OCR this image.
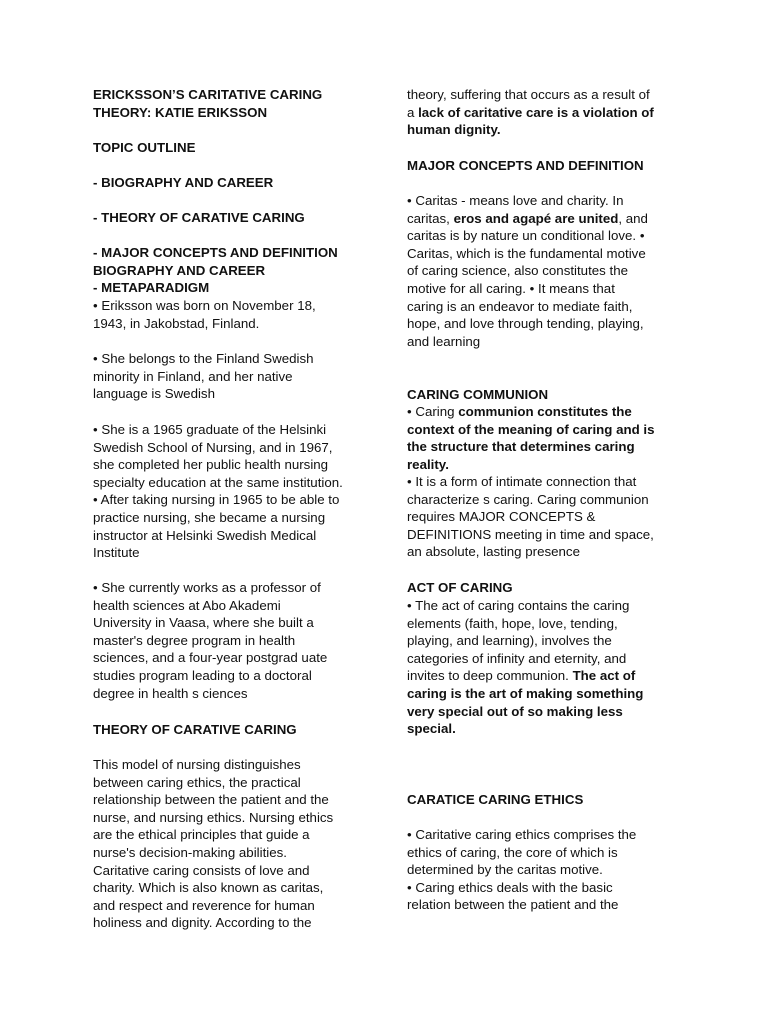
ERICKSSON’S CARITATIVE CARING
THEORY: KATIE ERIKSSON

TOPIC OUTLINE

- BIOGRAPHY AND CAREER

- THEORY OF CARATIVE CARING

- MAJOR CONCEPTS AND DEFINITION

- METAPARADIGM

BIOGRAPHY AND CAREER

• Eriksson was born on November 18,
1943, in Jakobstad, Finland.

• She belongs to the Finland Swedish
minority in Finland, and her native
language is Swedish

• She is a 1965 graduate of the Helsinki
Swedish School of Nursing, and in 1967,
she completed her public health nursing
specialty education at the same institution.
• After taking nursing in 1965 to be able to
practice nursing, she became a nursing
instructor at Helsinki Swedish Medical
Institute

• She currently works as a professor of
health sciences at Abo Akademi
University in Vaasa, where she built a
master's degree program in health
sciences, and a four-year postgrad uate
studies program leading to a doctoral
degree in health s ciences

THEORY OF CARATIVE CARING

This model of nursing distinguishes
between caring ethics, the practical
relationship between the patient and the
nurse, and nursing ethics. Nursing ethics
are the ethical principles that guide a
nurse's decision-making abilities.
Caritative caring consists of love and
charity. Which is also known as caritas,
and respect and reverence for human
holiness and dignity. According to the

theory, suffering that occurs as a result of
a lack of caritative care is a violation of
human dignity.

MAJOR CONCEPTS AND DEFINITION

• Caritas - means love and charity. In
caritas, eros and agapé are united, and
caritas is by nature un conditional love. •
Caritas, which is the fundamental motive
of caring science, also constitutes the
motive for all caring. • It means that
caring is an endeavor to mediate faith,
hope, and love through tending, playing,
and learning

CARING COMMUNION

• Caring communion constitutes the
context of the meaning of caring and is
the structure that determines caring
reality.

• It is a form of intimate connection that
characterize s caring. Caring communion
requires MAJOR CONCEPTS &
DEFINITIONS meeting in time and space,
an absolute, lasting presence

ACT OF CARING

• The act of caring contains the caring
elements (faith, hope, love, tending,
playing, and learning), involves the
categories of infinity and eternity, and
invites to deep communion. The act of
caring is the art of making something
very special out of so making less
special.

CARATICE CARING ETHICS

• Caritative caring ethics comprises the
ethics of caring, the core of which is
determined by the caritas motive.
• Caring ethics deals with the basic
relation between the patient and the
